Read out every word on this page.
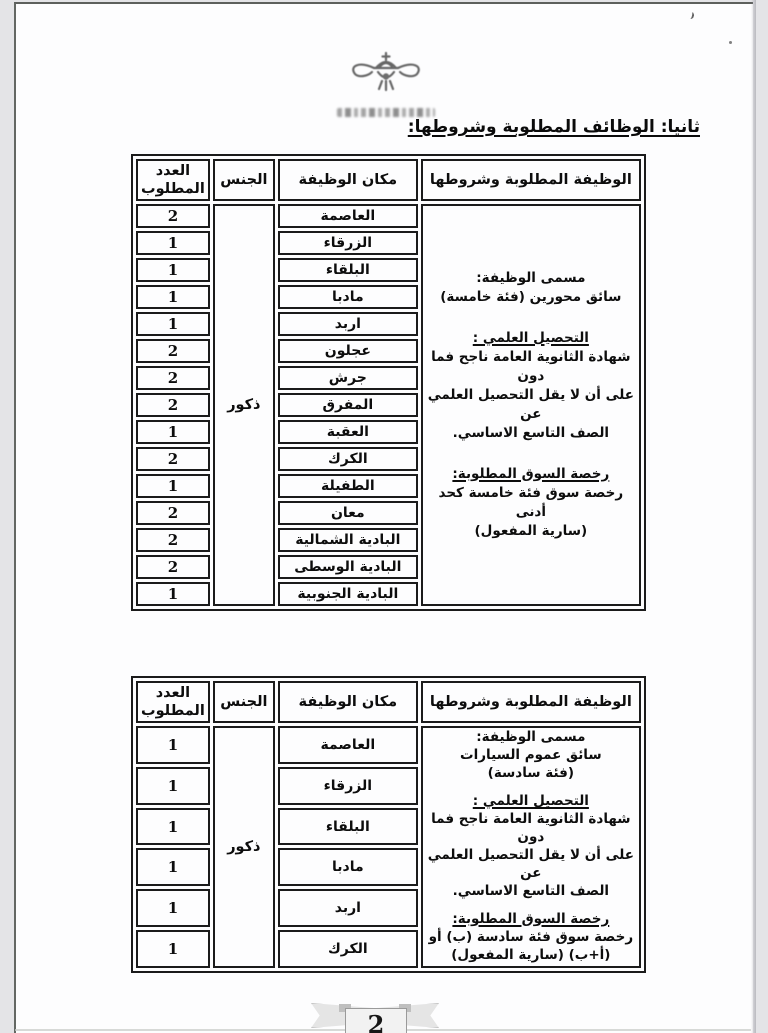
ثانيا: الوظائف المطلوبة وشروطها:
الوظيفة المطلوبة وشروطها	مكان الوظيفة	الجنس	العدد المطلوب

مسمى الوظيفة:
سائق محورين (فئة خامسة)
التحصيل العلمي :
شهادة الثانوية العامة ناجح فما دون
على أن لا يقل التحصيل العلمي عن
الصف التاسع الاساسي.
رخصة السوق المطلوبة:
رخصة سوق فئة خامسة كحد أدنى
(سارية المفعول)
	العاصمة	ذكور	2
	الزرقاء		1
	البلقاء		1
	مادبا		1
	اربد		1
	عجلون		2
	جرش		2
	المفرق		2
	العقبة		1
	الكرك		2
	الطفيلة		1
	معان		2
	البادية الشمالية		2
	البادية الوسطى		2
	البادية الجنوبية		1
الوظيفة المطلوبة وشروطها	مكان الوظيفة	الجنس	العدد المطلوب

مسمى الوظيفة:
سائق عموم السيارات
(فئة سادسة)
التحصيل العلمي :
شهادة الثانوية العامة ناجح فما دون
على أن لا يقل التحصيل العلمي عن
الصف التاسع الاساسي.
رخصة السوق المطلوبة:
رخصة سوق فئة سادسة (ب) أو
(أ+ب) (سارية المفعول)
	العاصمة	ذكور	1
	الزرقاء		1
	البلقاء		1
	مادبا		1
	اربد		1
	الكرك		1
2
